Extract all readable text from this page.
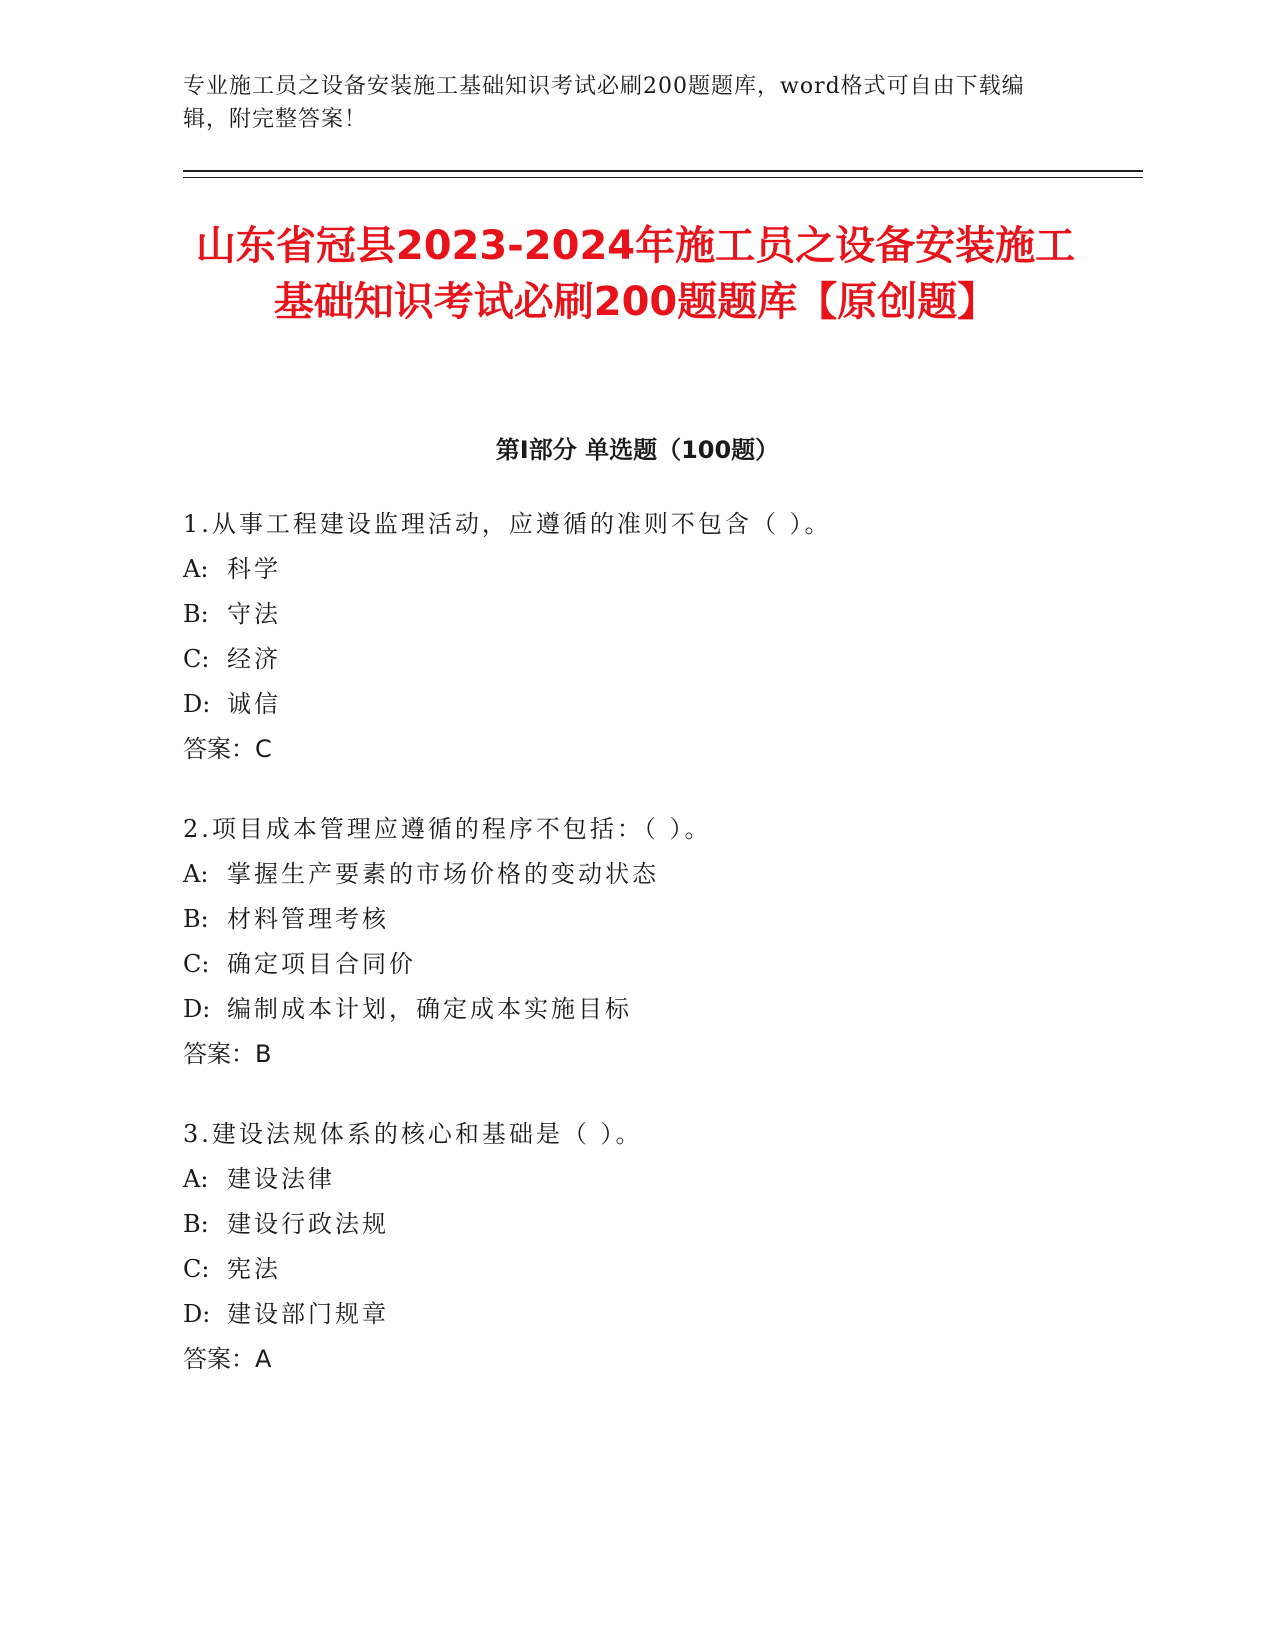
专业施工员之设备安装施工基础知识考试必刷200题题库，word格式可自由下载编辑，附完整答案！
山东省冠县2023-2024年施工员之设备安装施工基础知识考试必刷200题题库【原创题】
第Ⅰ部分 单选题（100题）
1.从事工程建设监理活动，应遵循的准则不包含（ ）。
A: 科学
B: 守法
C: 经济
D: 诚信
答案：C
2.项目成本管理应遵循的程序不包括：（ ）。
A: 掌握生产要素的市场价格的变动状态
B: 材料管理考核
C: 确定项目合同价
D: 编制成本计划，确定成本实施目标
答案：B
3.建设法规体系的核心和基础是（ ）。
A: 建设法律
B: 建设行政法规
C: 宪法
D: 建设部门规章
答案：A
